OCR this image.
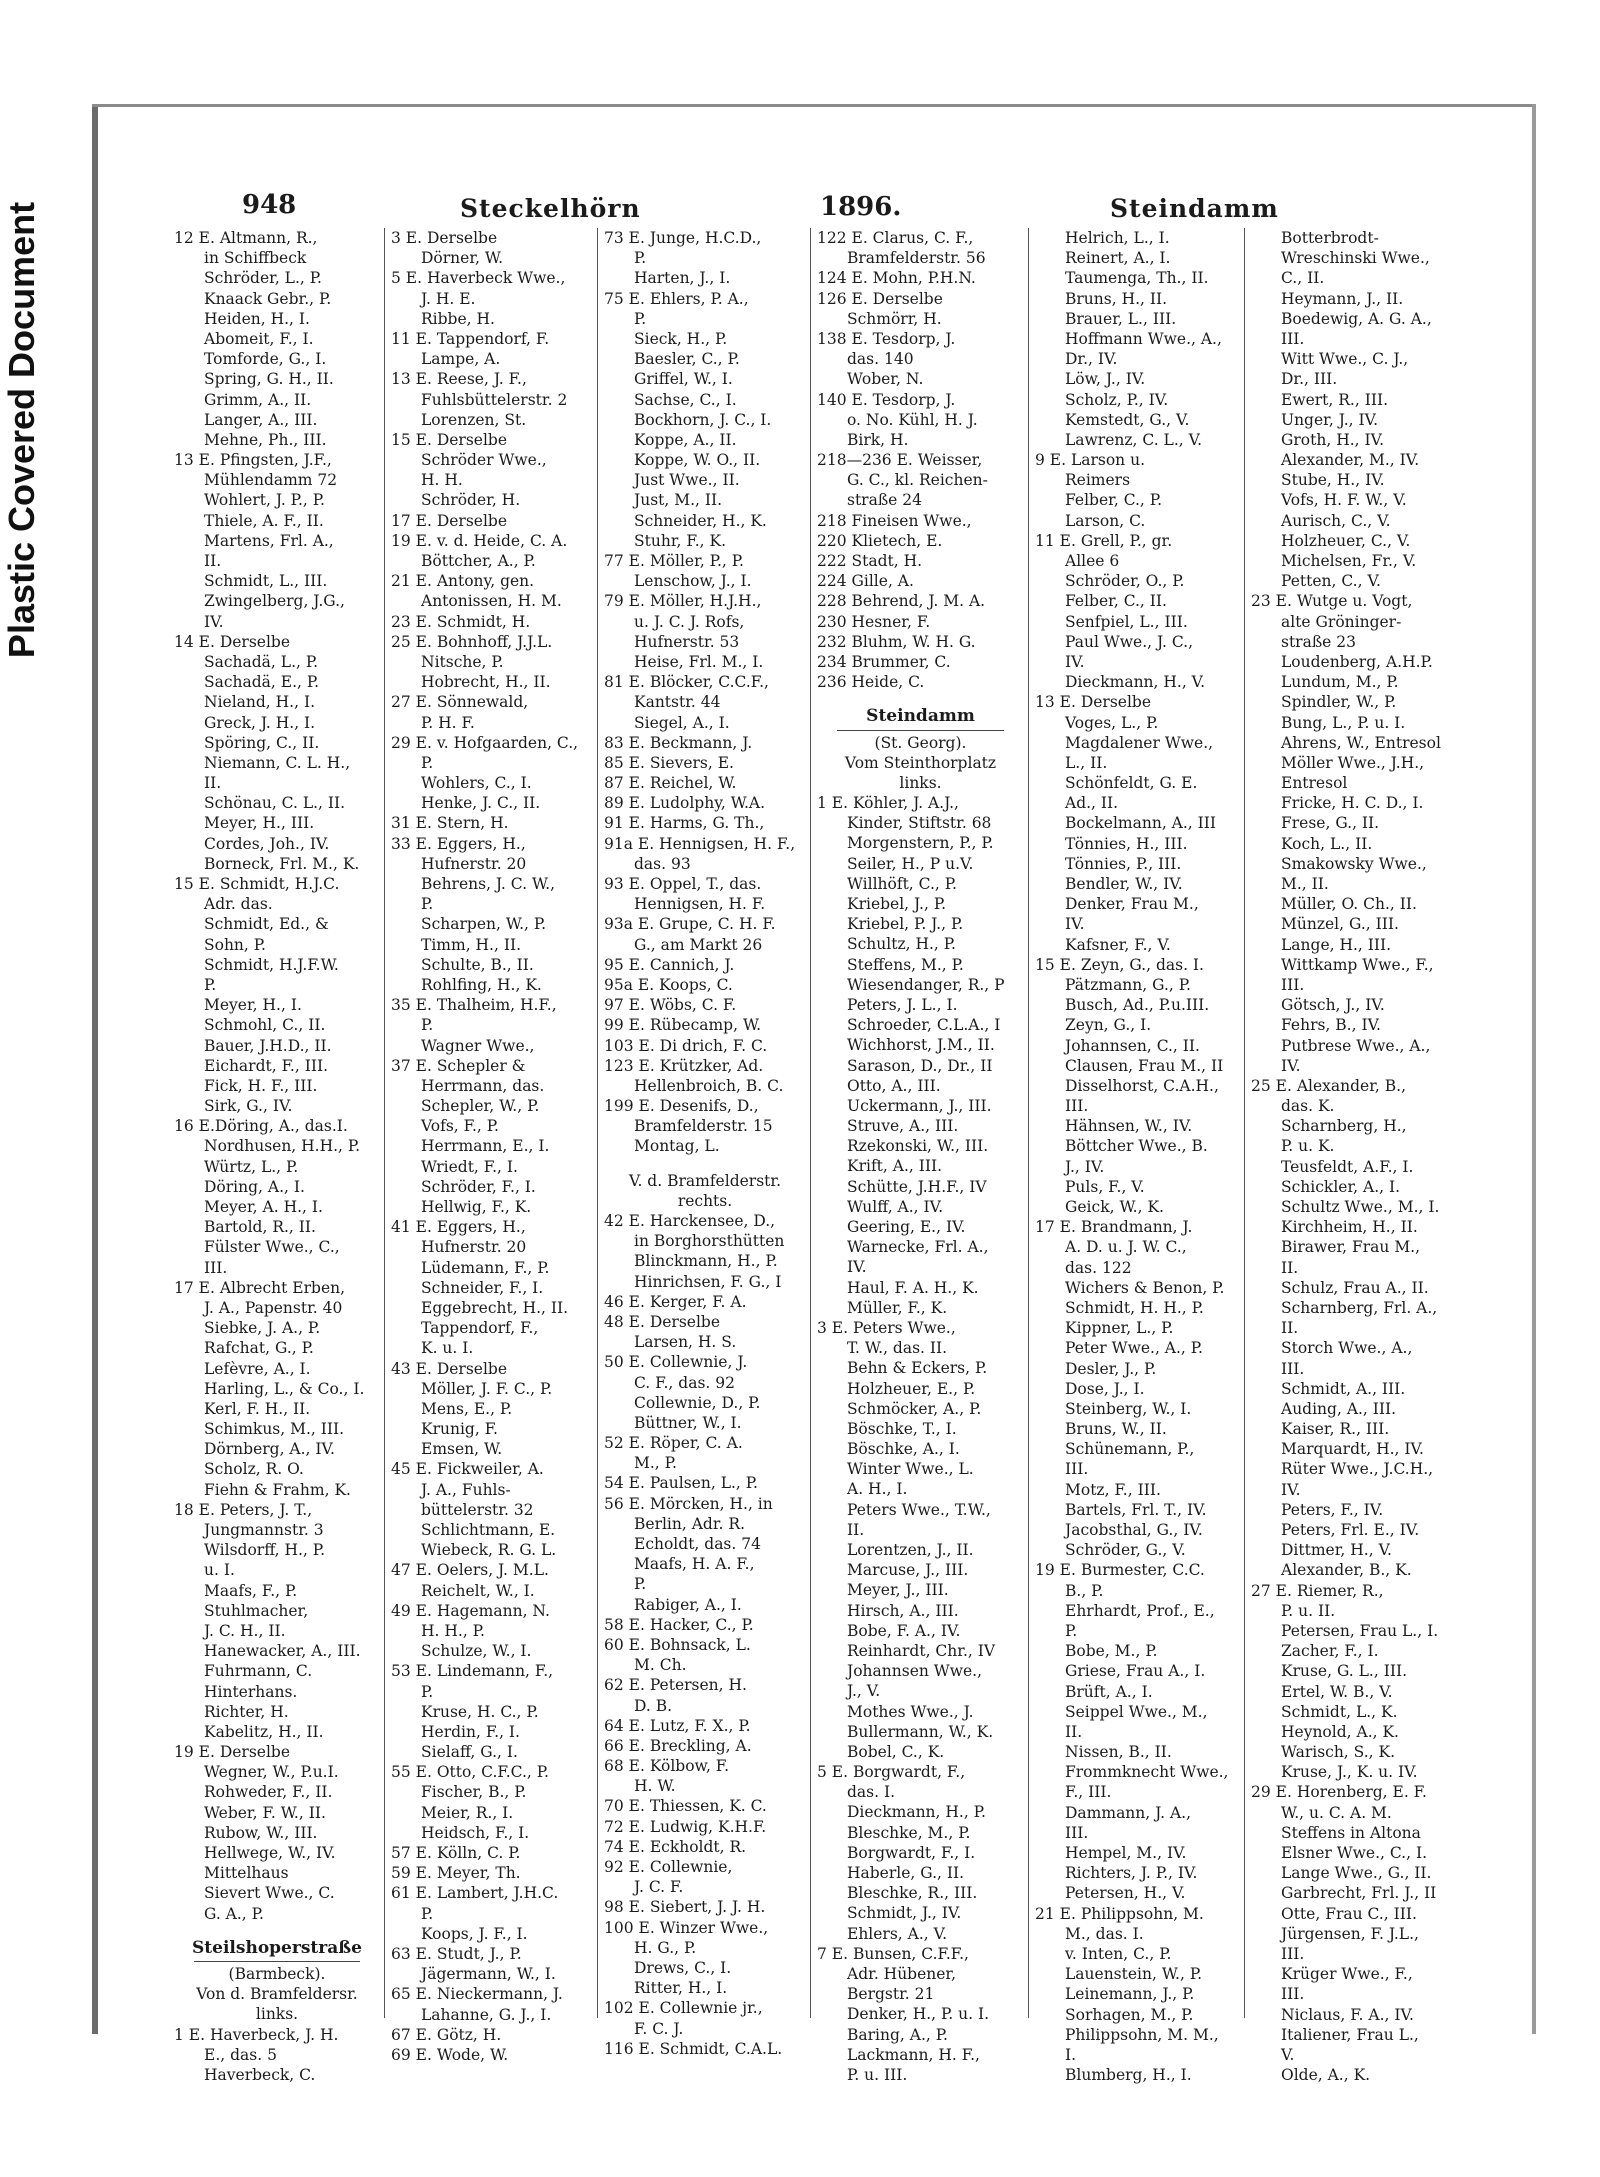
Plastic Covered Document	948	Steckelhörn	1896.	Steindamm
12 E. Altmann, R.,
in Schiffbeck
Schröder, L., P.
Knaack Gebr., P.
Heiden, H., I.
Abomeit, F., I.
Tomforde, G., I.
Spring, G. H., II.
Grimm, A., II.
Langer, A., III.
Mehne, Ph., III.
13 E. Pfingsten, J.F.,
Mühlendamm 72
Wohlert, J. P., P.
Thiele, A. F., II.
Martens, Frl. A.,
II.
Schmidt, L., III.
Zwingelberg, J.G.,
IV.
14 E. Derselbe
Sachadä, L., P.
Sachadä, E., P.
Nieland, H., I.
Greck, J. H., I.
Spöring, C., II.
Niemann, C. L. H.,
II.
Schönau, C. L., II.
Meyer, H., III.
Cordes, Joh., IV.
Borneck, Frl. M., K.
15 E. Schmidt, H.J.C.
Adr. das.
Schmidt, Ed., &
Sohn, P.
Schmidt, H.J.F.W.
P.
Meyer, H., I.
Schmohl, C., II.
Bauer, J.H.D., II.
Eichardt, F., III.
Fick, H. F., III.
Sirk, G., IV.
16 E.Döring, A., das.I.
Nordhusen, H.H., P.
Würtz, L., P.
Döring, A., I.
Meyer, A. H., I.
Bartold, R., II.
Fülster Wwe., C.,
III.
17 E. Albrecht Erben,
J. A., Papenstr. 40
Siebke, J. A., P.
Rafchat, G., P.
Lefèvre, A., I.
Harling, L., & Co., I.
Kerl, F. H., II.
Schimkus, M., III.
Dörnberg, A., IV.
Scholz, R. O.
Fiehn & Frahm, K.
18 E. Peters, J. T.,
Jungmannstr. 3
Wilsdorff, H., P.
u. I.
Maafs, F., P.
Stuhlmacher,
J. C. H., II.
Hanewacker, A., III.
Fuhrmann, C.
Hinterhans.
Richter, H.
Kabelitz, H., II.
19 E. Derselbe
Wegner, W., P.u.I.
Rohweder, F., II.
Weber, F. W., II.
Rubow, W., III.
Hellwege, W., IV.
Mittelhaus
Sievert Wwe., C.
G. A., P.
Steilshoperstraße
(Barmbeck).
Von d. Bramfeldersr.
links.
1 E. Haverbeck, J. H.
E., das. 5
Haverbeck, C.
3 E. Derselbe
Dörner, W.
5 E. Haverbeck Wwe.,
J. H. E.
Ribbe, H.
11 E. Tappendorf, F.
Lampe, A.
13 E. Reese, J. F.,
Fuhlsbüttelerstr. 2
Lorenzen, St.
15 E. Derselbe
Schröder Wwe.,
H. H.
Schröder, H.
17 E. Derselbe
19 E. v. d. Heide, C. A.
Böttcher, A., P.
21 E. Antony, gen.
Antonissen, H. M.
23 E. Schmidt, H.
25 E. Bohnhoff, J.J.L.
Nitsche, P.
Hobrecht, H., II.
27 E. Sönnewald,
P. H. F.
29 E. v. Hofgaarden, C.,
P.
Wohlers, C., I.
Henke, J. C., II.
31 E. Stern, H.
33 E. Eggers, H.,
Hufnerstr. 20
Behrens, J. C. W.,
P.
Scharpen, W., P.
Timm, H., II.
Schulte, B., II.
Rohlfing, H., K.
35 E. Thalheim, H.F.,
P.
Wagner Wwe.,
37 E. Schepler &
Herrmann, das.
Schepler, W., P.
Vofs, F., P.
Herrmann, E., I.
Wriedt, F., I.
Schröder, F., I.
Hellwig, F., K.
41 E. Eggers, H.,
Hufnerstr. 20
Lüdemann, F., P.
Schneider, F., I.
Eggebrecht, H., II.
Tappendorf, F.,
K. u. I.
43 E. Derselbe
Möller, J. F. C., P.
Mens, E., P.
Krunig, F.
Emsen, W.
45 E. Fickweiler, A.
J. A., Fuhls-
büttelerstr. 32
Schlichtmann, E.
Wiebeck, R. G. L.
47 E. Oelers, J. M.L.
Reichelt, W., I.
49 E. Hagemann, N.
H. H., P.
Schulze, W., I.
53 E. Lindemann, F.,
P.
Kruse, H. C., P.
Herdin, F., I.
Sielaff, G., I.
55 E. Otto, C.F.C., P.
Fischer, B., P.
Meier, R., I.
Heidsch, F., I.
57 E. Kölln, C. P.
59 E. Meyer, Th.
61 E. Lambert, J.H.C.
P.
Koops, J. F., I.
63 E. Studt, J., P.
Jägermann, W., I.
65 E. Nieckermann, J.
Lahanne, G. J., I.
67 E. Götz, H.
69 E. Wode, W.
73 E. Junge, H.C.D.,
P.
Harten, J., I.
75 E. Ehlers, P. A.,
P.
Sieck, H., P.
Baesler, C., P.
Griffel, W., I.
Sachse, C., I.
Bockhorn, J. C., I.
Koppe, A., II.
Koppe, W. O., II.
Just Wwe., II.
Just, M., II.
Schneider, H., K.
Stuhr, F., K.
77 E. Möller, P., P.
Lenschow, J., I.
79 E. Möller, H.J.H.,
u. J. C. J. Rofs,
Hufnerstr. 53
Heise, Frl. M., I.
81 E. Blöcker, C.C.F.,
Kantstr. 44
Siegel, A., I.
83 E. Beckmann, J.
85 E. Sievers, E.
87 E. Reichel, W.
89 E. Ludolphy, W.A.
91 E. Harms, G. Th.,
91a E. Hennigsen, H. F.,
das. 93
93 E. Oppel, T., das.
Hennigsen, H. F.
93a E. Grupe, C. H. F.
G., am Markt 26
95 E. Cannich, J.
95a E. Koops, C.
97 E. Wöbs, C. F.
99 E. Rübecamp, W.
103 E. Di drich, F. C.
123 E. Krützker, Ad.
Hellenbroich, B. C.
199 E. Desenifs, D.,
Bramfelderstr. 15
Montag, L.
V. d. Bramfelderstr.
rechts.
42 E. Harckensee, D.,
in Borghorsthütten
Blinckmann, H., P.
Hinrichsen, F. G., I
46 E. Kerger, F. A.
48 E. Derselbe
Larsen, H. S.
50 E. Collewnie, J.
C. F., das. 92
Collewnie, D., P.
Büttner, W., I.
52 E. Röper, C. A.
M., P.
54 E. Paulsen, L., P.
56 E. Mörcken, H., in
Berlin, Adr. R.
Echoldt, das. 74
Maafs, H. A. F.,
P.
Rabiger, A., I.
58 E. Hacker, C., P.
60 E. Bohnsack, L.
M. Ch.
62 E. Petersen, H.
D. B.
64 E. Lutz, F. X., P.
66 E. Breckling, A.
68 E. Kölbow, F.
H. W.
70 E. Thiessen, K. C.
72 E. Ludwig, K.H.F.
74 E. Eckholdt, R.
92 E. Collewnie,
J. C. F.
98 E. Siebert, J. J. H.
100 E. Winzer Wwe.,
H. G., P.
Drews, C., I.
Ritter, H., I.
102 E. Collewnie jr.,
F. C. J.
116 E. Schmidt, C.A.L.
122 E. Clarus, C. F.,
Bramfelderstr. 56
124 E. Mohn, P.H.N.
126 E. Derselbe
Schmörr, H.
138 E. Tesdorp, J.
das. 140
Wober, N.
140 E. Tesdorp, J.
o. No. Kühl, H. J.
Birk, H.
218—236 E. Weisser,
G. C., kl. Reichen-
straße 24
218 Fineisen Wwe.,
220 Klietech, E.
222 Stadt, H.
224 Gille, A.
228 Behrend, J. M. A.
230 Hesner, F.
232 Bluhm, W. H. G.
234 Brummer, C.
236 Heide, C.
Steindamm
(St. Georg).
Vom Steinthorplatz
links.
1 E. Köhler, J. A.J.,
Kinder, Stiftstr. 68
Morgenstern, P., P.
Seiler, H., P u.V.
Willhöft, C., P.
Kriebel, J., P.
Kriebel, P. J., P.
Schultz, H., P.
Steffens, M., P.
Wiesendanger, R., P
Peters, J. L., I.
Schroeder, C.L.A., I
Wichhorst, J.M., II.
Sarason, D., Dr., II
Otto, A., III.
Uckermann, J., III.
Struve, A., III.
Rzekonski, W., III.
Krift, A., III.
Schütte, J.H.F., IV
Wulff, A., IV.
Geering, E., IV.
Warnecke, Frl. A.,
IV.
Haul, F. A. H., K.
Müller, F., K.
3 E. Peters Wwe.,
T. W., das. II.
Behn & Eckers, P.
Holzheuer, E., P.
Schmöcker, A., P.
Böschke, T., I.
Böschke, A., I.
Winter Wwe., L.
A. H., I.
Peters Wwe., T.W.,
II.
Lorentzen, J., II.
Marcuse, J., III.
Meyer, J., III.
Hirsch, A., III.
Bobe, F. A., IV.
Reinhardt, Chr., IV
Johannsen Wwe.,
J., V.
Mothes Wwe., J.
Bullermann, W., K.
Bobel, C., K.
5 E. Borgwardt, F.,
das. I.
Dieckmann, H., P.
Bleschke, M., P.
Borgwardt, F., I.
Haberle, G., II.
Bleschke, R., III.
Schmidt, J., IV.
Ehlers, A., V.
7 E. Bunsen, C.F.F.,
Adr. Hübener,
Bergstr. 21
Denker, H., P. u. I.
Baring, A., P.
Lackmann, H. F.,
P. u. III.
Helrich, L., I.
Reinert, A., I.
Taumenga, Th., II.
Bruns, H., II.
Brauer, L., III.
Hoffmann Wwe., A.,
Dr., IV.
Löw, J., IV.
Scholz, P., IV.
Kemstedt, G., V.
Lawrenz, C. L., V.
9 E. Larson u.
Reimers
Felber, C., P.
Larson, C.
11 E. Grell, P., gr.
Allee 6
Schröder, O., P.
Felber, C., II.
Senfpiel, L., III.
Paul Wwe., J. C.,
IV.
Dieckmann, H., V.
13 E. Derselbe
Voges, L., P.
Magdalener Wwe.,
L., II.
Schönfeldt, G. E.
Ad., II.
Bockelmann, A., III
Tönnies, H., III.
Tönnies, P., III.
Bendler, W., IV.
Denker, Frau M.,
IV.
Kafsner, F., V.
15 E. Zeyn, G., das. I.
Pätzmann, G., P.
Busch, Ad., P.u.III.
Zeyn, G., I.
Johannsen, C., II.
Clausen, Frau M., II
Disselhorst, C.A.H.,
III.
Hähnsen, W., IV.
Böttcher Wwe., B.
J., IV.
Puls, F., V.
Geick, W., K.
17 E. Brandmann, J.
A. D. u. J. W. C.,
das. 122
Wichers & Benon, P.
Schmidt, H. H., P.
Kippner, L., P.
Peter Wwe., A., P.
Desler, J., P.
Dose, J., I.
Steinberg, W., I.
Bruns, W., II.
Schünemann, P.,
III.
Motz, F., III.
Bartels, Frl. T., IV.
Jacobsthal, G., IV.
Schröder, G., V.
19 E. Burmester, C.C.
B., P.
Ehrhardt, Prof., E.,
P.
Bobe, M., P.
Griese, Frau A., I.
Brüft, A., I.
Seippel Wwe., M.,
II.
Nissen, B., II.
Frommknecht Wwe.,
F., III.
Dammann, J. A.,
III.
Hempel, M., IV.
Richters, J. P., IV.
Petersen, H., V.
21 E. Philippsohn, M.
M., das. I.
v. Inten, C., P.
Lauenstein, W., P.
Leinemann, J., P.
Sorhagen, M., P.
Philippsohn, M. M.,
I.
Blumberg, H., I.
Botterbrodt-
Wreschinski Wwe.,
C., II.
Heymann, J., II.
Boedewig, A. G. A.,
III.
Witt Wwe., C. J.,
Dr., III.
Ewert, R., III.
Unger, J., IV.
Groth, H., IV.
Alexander, M., IV.
Stube, H., IV.
Vofs, H. F. W., V.
Aurisch, C., V.
Holzheuer, C., V.
Michelsen, Fr., V.
Petten, C., V.
23 E. Wutge u. Vogt,
alte Gröninger-
straße 23
Loudenberg, A.H.P.
Lundum, M., P.
Spindler, W., P.
Bung, L., P. u. I.
Ahrens, W., Entresol
Möller Wwe., J.H.,
Entresol
Fricke, H. C. D., I.
Frese, G., II.
Koch, L., II.
Smakowsky Wwe.,
M., II.
Müller, O. Ch., II.
Münzel, G., III.
Lange, H., III.
Wittkamp Wwe., F.,
III.
Götsch, J., IV.
Fehrs, B., IV.
Putbrese Wwe., A.,
IV.
25 E. Alexander, B.,
das. K.
Scharnberg, H.,
P. u. K.
Teusfeldt, A.F., I.
Schickler, A., I.
Schultz Wwe., M., I.
Kirchheim, H., II.
Birawer, Frau M.,
II.
Schulz, Frau A., II.
Scharnberg, Frl. A.,
II.
Storch Wwe., A.,
III.
Schmidt, A., III.
Auding, A., III.
Kaiser, R., III.
Marquardt, H., IV.
Rüter Wwe., J.C.H.,
IV.
Peters, F., IV.
Peters, Frl. E., IV.
Dittmer, H., V.
Alexander, B., K.
27 E. Riemer, R.,
P. u. II.
Petersen, Frau L., I.
Zacher, F., I.
Kruse, G. L., III.
Ertel, W. B., V.
Schmidt, L., K.
Heynold, A., K.
Warisch, S., K.
Kruse, J., K. u. IV.
29 E. Horenberg, E. F.
W., u. C. A. M.
Steffens in Altona
Elsner Wwe., C., I.
Lange Wwe., G., II.
Garbrecht, Frl. J., II
Otte, Frau C., III.
Jürgensen, F. J.L.,
III.
Krüger Wwe., F.,
III.
Niclaus, F. A., IV.
Italiener, Frau L.,
V.
Olde, A., K.
